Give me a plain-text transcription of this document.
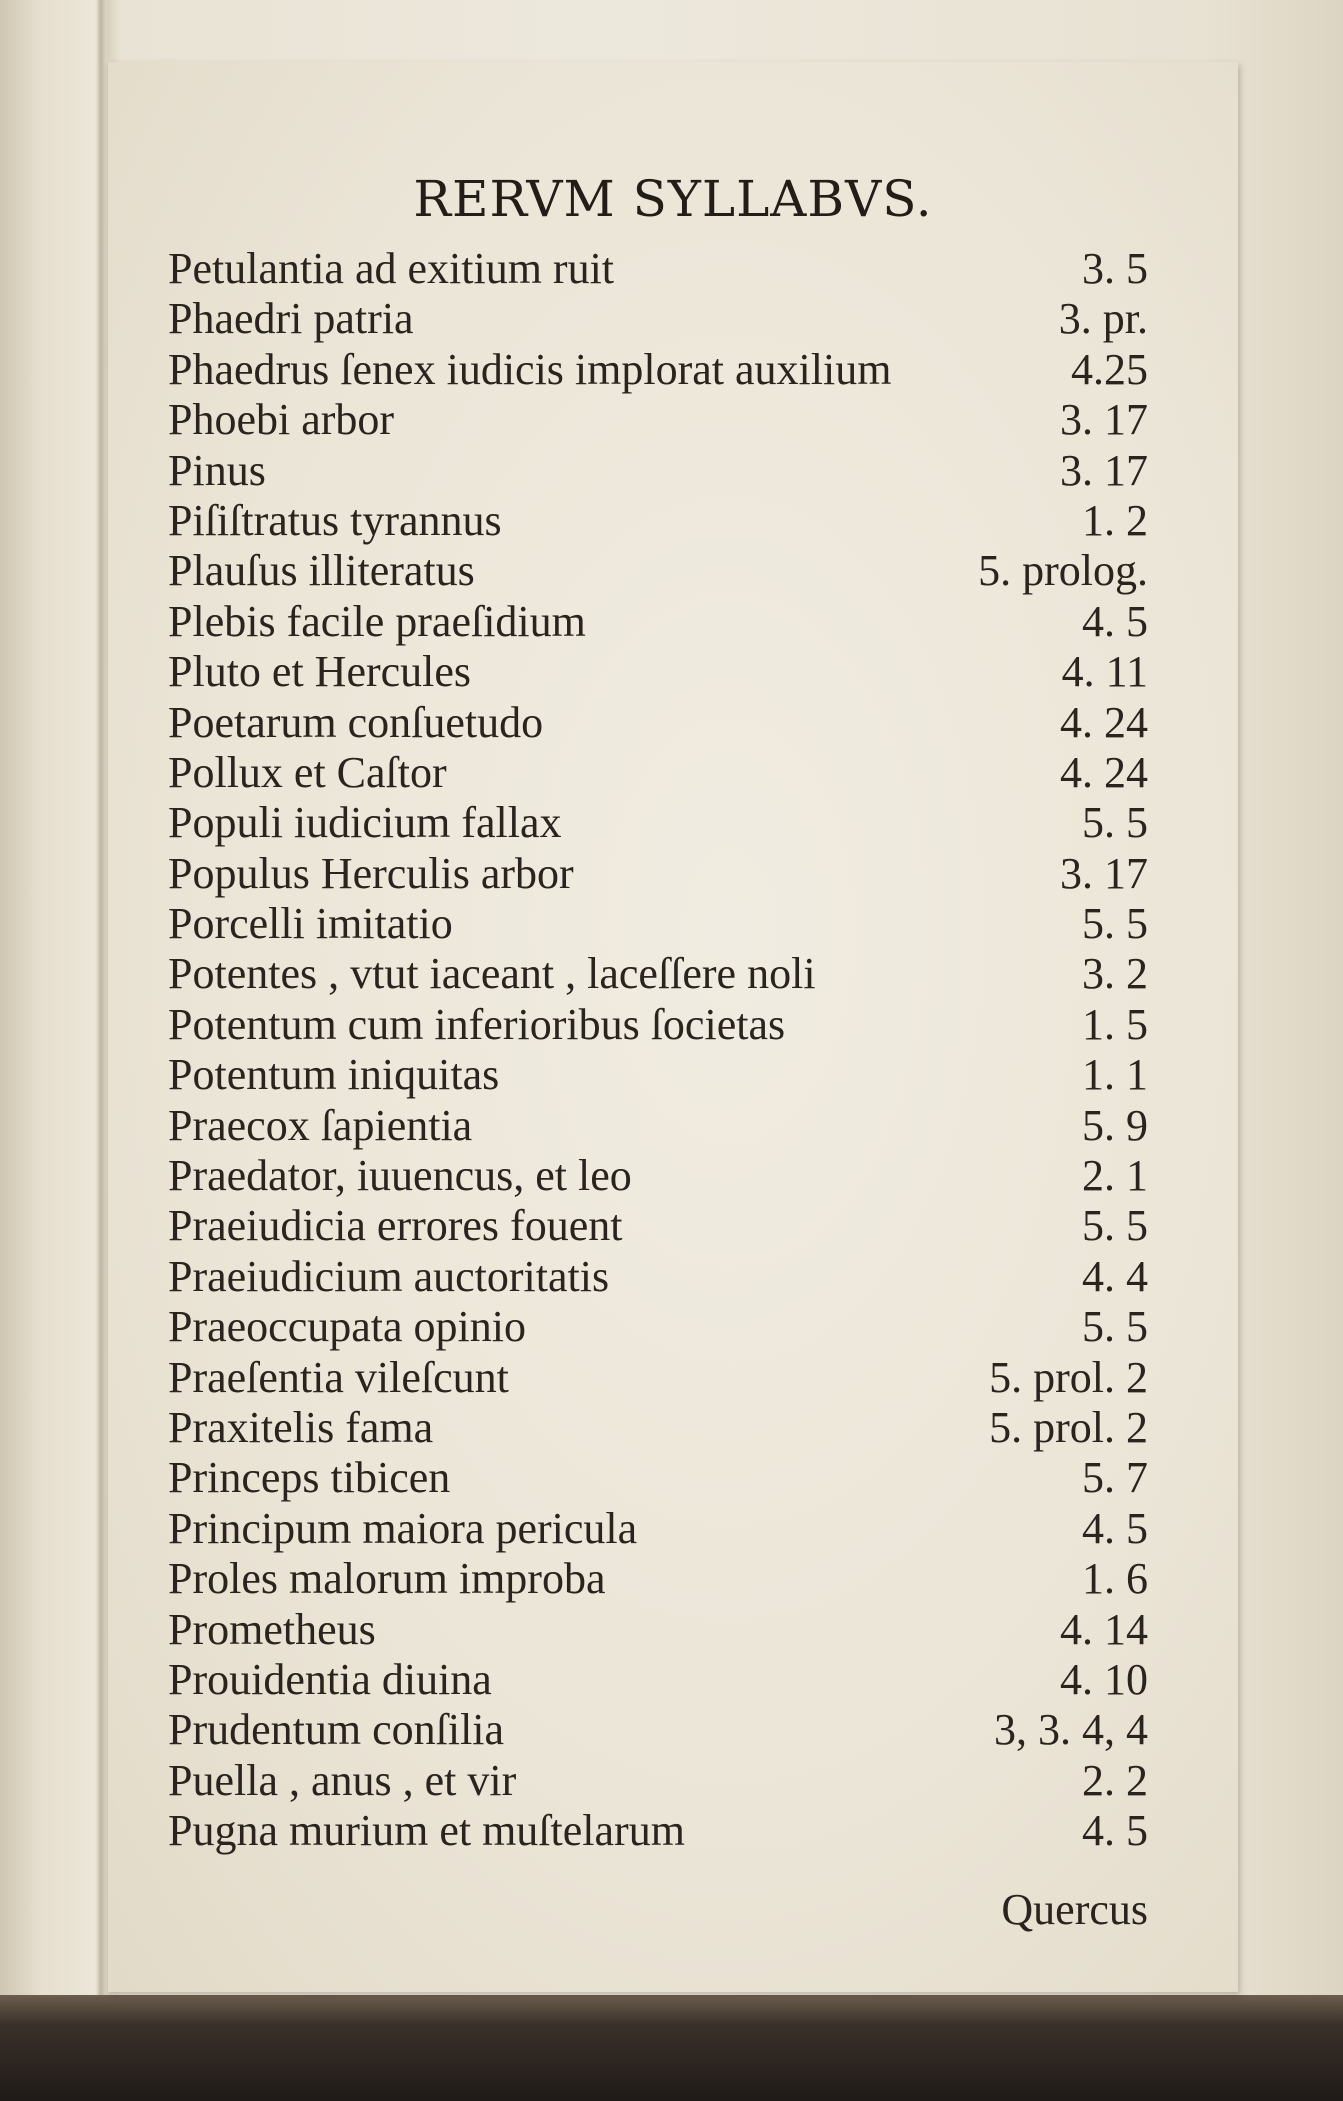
RERVM SYLLABVS.
Petulantia ad exitium ruit	3. 5
Phaedri patria	3. pr.
Phaedrus ſenex iudicis implorat auxilium	4.25
Phoebi arbor	3. 17
Pinus	3. 17
Piſiſtratus tyrannus	1. 2
Plauſus illiteratus	5. prolog.
Plebis facile praeſidium	4. 5
Pluto et Hercules	4. 11
Poetarum conſuetudo	4. 24
Pollux et Caſtor	4. 24
Populi iudicium fallax	5. 5
Populus Herculis arbor	3. 17
Porcelli imitatio	5. 5
Potentes , vtut iaceant , laceſſere noli	3. 2
Potentum cum inferioribus ſocietas	1. 5
Potentum iniquitas	1. 1
Praecox ſapientia	5. 9
Praedator, iuuencus, et leo	2. 1
Praeiudicia errores fouent	5. 5
Praeiudicium auctoritatis	4. 4
Praeoccupata opinio	5. 5
Praeſentia vileſcunt	5. prol. 2
Praxitelis fama	5. prol. 2
Princeps tibicen	5. 7
Principum maiora pericula	4. 5
Proles malorum improba	1. 6
Prometheus	4. 14
Prouidentia diuina	4. 10
Prudentum conſilia	3, 3. 4, 4
Puella , anus , et vir	2. 2
Pugna murium et muſtelarum	4. 5
Quercus
